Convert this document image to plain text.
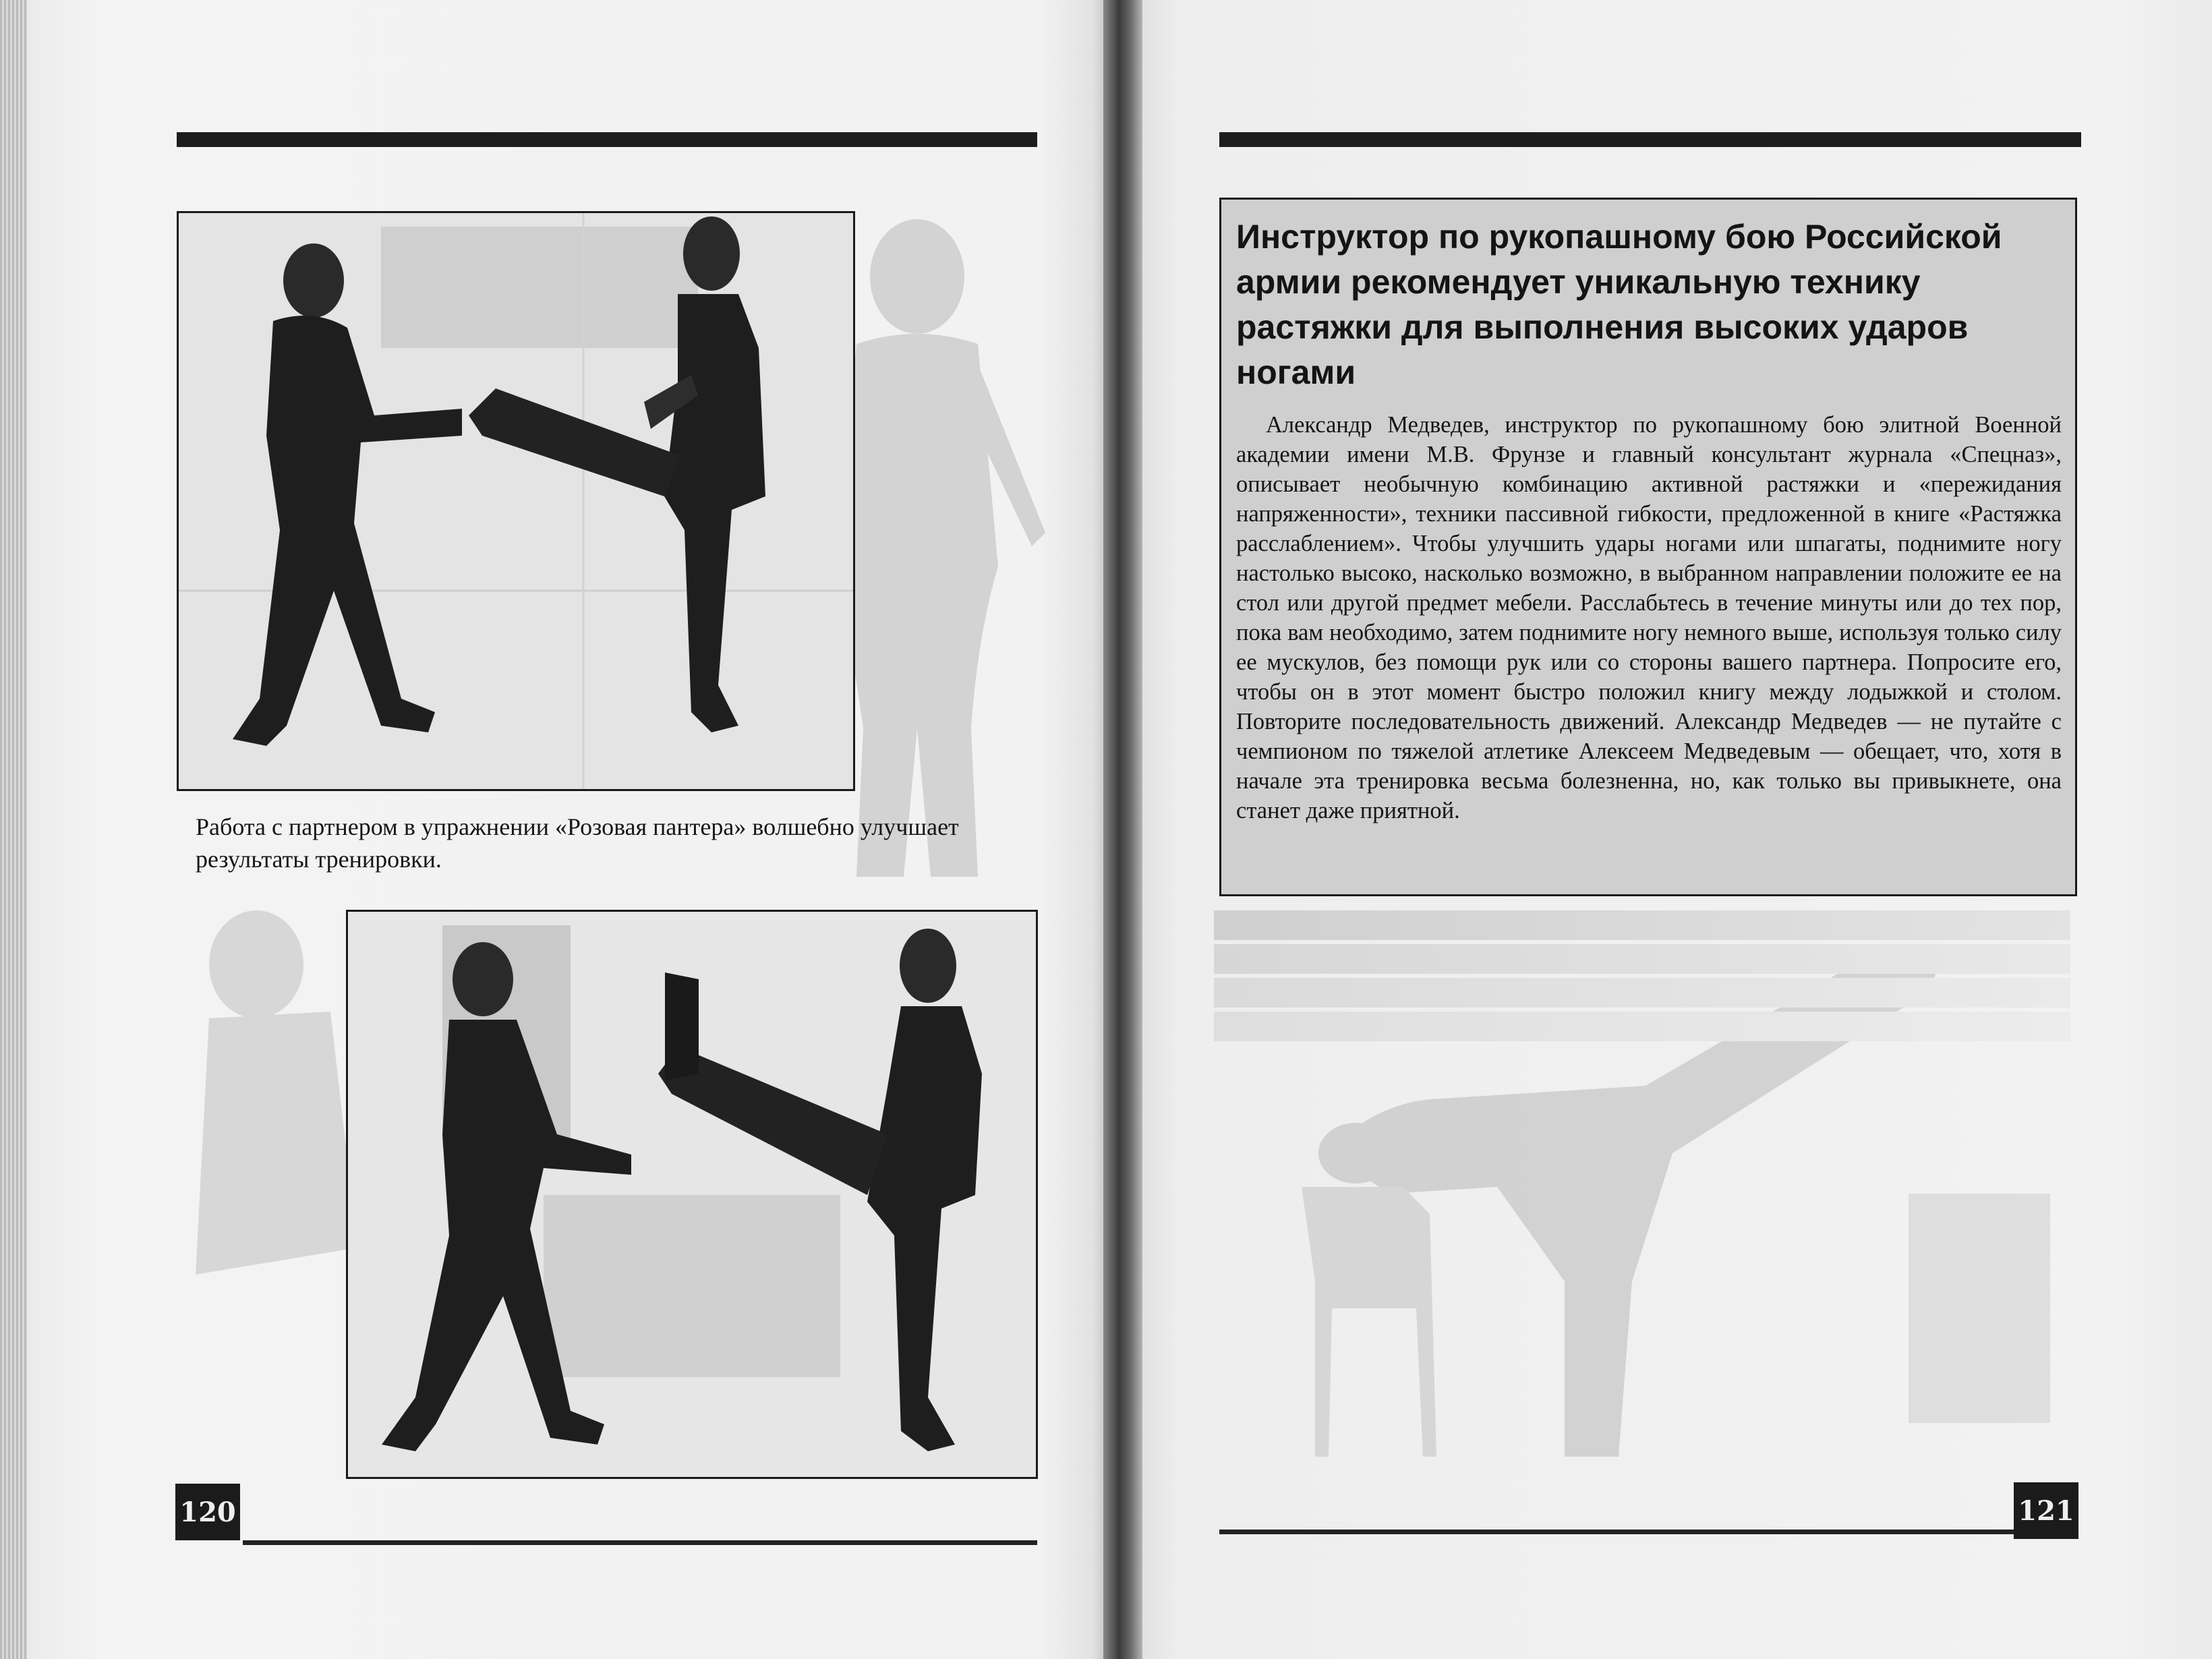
Работа с партнером в упражнении «Розовая пантера» волшебно улучшает результаты тренировки.
120
Инструктор по рукопашному бою Российской армии рекомендует уникальную технику растяжки для выполнения высоких ударов ногами
Александр Медведев, инструктор по рукопашному бою элитной Военной академии имени М.В. Фрунзе и главный консультант журнала «Спецназ», описывает необычную комбинацию активной растяжки и «пережидания напряженности», техники пассивной гибкости, предложенной в книге «Растяжка расслаблением». Чтобы улучшить удары ногами или шпагаты, поднимите ногу настолько высоко, насколько возможно, в выбранном направлении положите ее на стол или другой предмет мебели. Расслабьтесь в течение минуты или до тех пор, пока вам необходимо, затем поднимите ногу немного выше, используя только силу ее мускулов, без помощи рук или со стороны вашего партнера. Попросите его, чтобы он в этот момент быстро положил книгу между лодыжкой и столом. Повторите последовательность движений. Александр Медведев — не путайте с чемпионом по тяжелой атлетике Алексеем Медведевым — обещает, что, хотя в начале эта тренировка весьма болезненна, но, как только вы привыкнете, она станет даже приятной.
121
